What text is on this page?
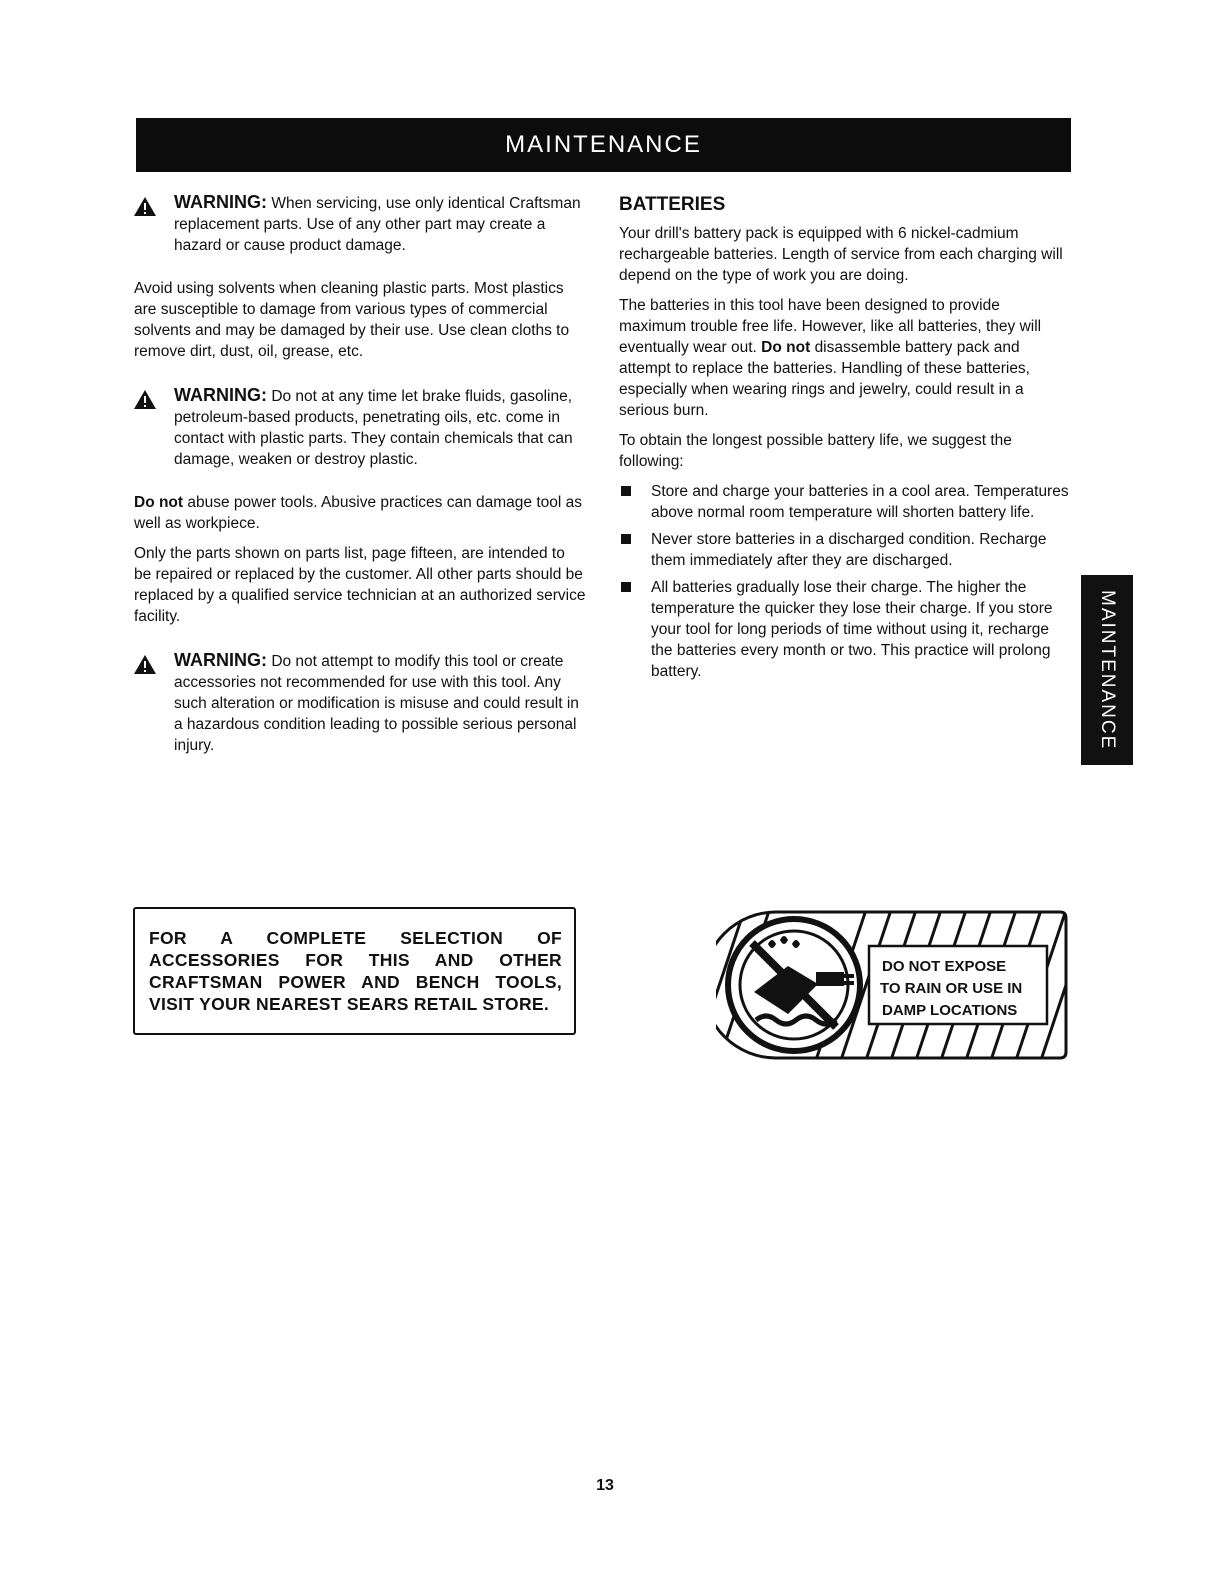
MAINTENANCE
WARNING: When servicing, use only identical Craftsman replacement parts. Use of any other part may create a hazard or cause product damage.

Avoid using solvents when cleaning plastic parts. Most plastics are susceptible to damage from various types of commercial solvents and may be damaged by their use. Use clean cloths to remove dirt, dust, oil, grease, etc.

WARNING: Do not at any time let brake fluids, gasoline, petroleum-based products, penetrating oils, etc. come in contact with plastic parts. They contain chemicals that can damage, weaken or destroy plastic.

Do not abuse power tools. Abusive practices can damage tool as well as workpiece.

Only the parts shown on parts list, page fifteen, are intended to be repaired or replaced by the customer. All other parts should be replaced by a qualified service technician at an authorized service facility.

WARNING: Do not attempt to modify this tool or create accessories not recommended for use with this tool. Any such alteration or modification is misuse and could result in a hazardous condition leading to possible serious personal injury.
BATTERIES

Your drill's battery pack is equipped with 6 nickel-cadmium rechargeable batteries. Length of service from each charging will depend on the type of work you are doing.

The batteries in this tool have been designed to provide maximum trouble free life. However, like all batteries, they will eventually wear out. Do not disassemble battery pack and attempt to replace the batteries. Handling of these batteries, especially when wearing rings and jewelry, could result in a serious burn.

To obtain the longest possible battery life, we suggest the following:

Store and charge your batteries in a cool area. Temperatures above normal room temperature will shorten battery life.
Never store batteries in a discharged condition. Recharge them immediately after they are discharged.
All batteries gradually lose their charge. The higher the temperature the quicker they lose their charge. If you store your tool for long periods of time without using it, recharge the batteries every month or two. This practice will prolong battery.	MAINTENANCE
FOR A COMPLETE SELECTION OF ACCESSORIES FOR THIS AND OTHER CRAFTSMAN POWER AND BENCH TOOLS, VISIT YOUR NEAREST SEARS RETAIL STORE.
DO NOT EXPOSE
TO RAIN OR USE IN
DAMP LOCATIONS
13
